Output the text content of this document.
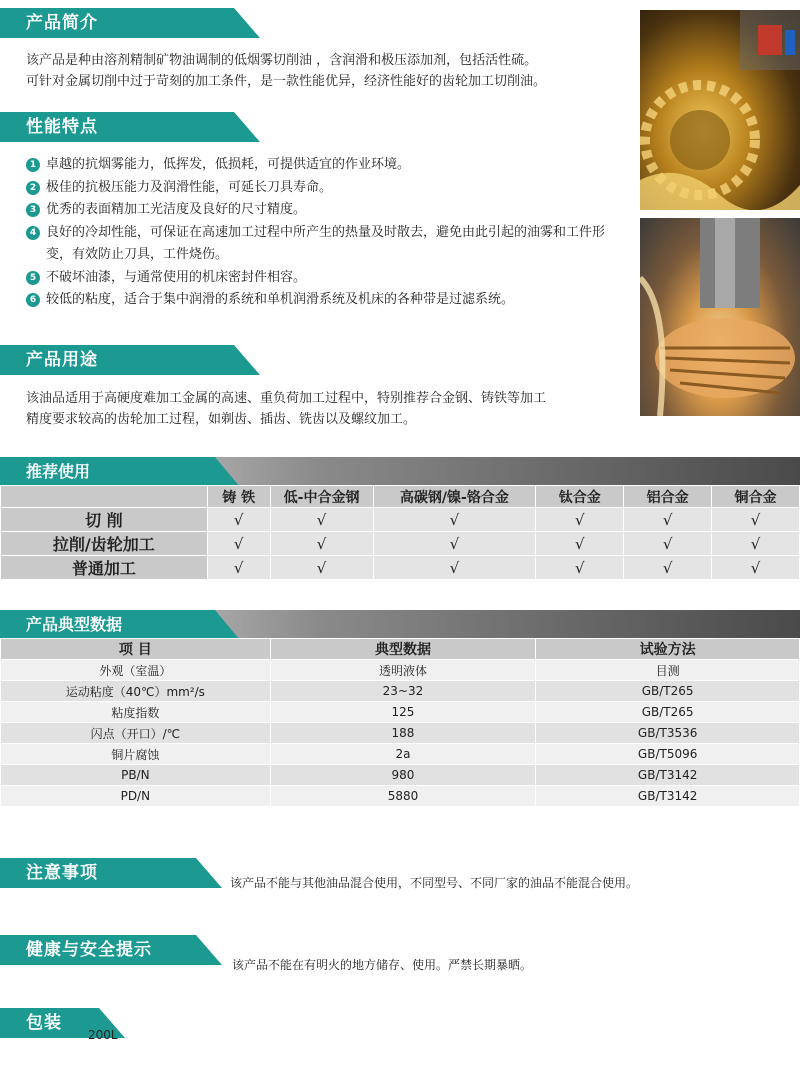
产品简介

该产品是种由溶剂精制矿物油调制的低烟雾切削油 ，含润滑和极压添加剂，包括活性硫。

可针对金属切削中过于苛刻的加工条件，是一款性能优异，经济性能好的齿轮加工切削油。

性能特点
1 卓越的抗烟雾能力，低挥发，低损耗，可提供适宜的作业环境。
2 极佳的抗极压能力及润滑性能，可延长刀具寿命。
3 优秀的表面精加工光洁度及良好的尺寸精度。
4 良好的冷却性能，可保证在高速加工过程中所产生的热量及时散去，避免由此引起的油雾和工件形变，有效防止刀具，工件烧伤。
5 不破坏油漆，与通常使用的机床密封件相容。
6 较低的粘度，适合于集中润滑的系统和单机润滑系统及机床的各种带是过滤系统。
产品用途

该油品适用于高硬度难加工金属的高速、重负荷加工过程中，特别推荐合金钢、铸铁等加工

精度要求较高的齿轮加工过程，如剃齿、插齿、铣齿以及螺纹加工。

推荐使用
	铸 铁	低-中合金钢	高碳钢/镍-铬合金	钛合金	铝合金	铜合金
切 削	√	√	√	√	√	√
拉削/齿轮加工	√	√	√	√	√	√
普通加工	√	√	√	√	√	√
产品典型数据
项 目	典型数据	试验方法
外观（室温）	透明液体	目测
运动粘度（40℃）mm²/s	23~32	GB/T265
粘度指数	125	GB/T265
闪点（开口）/℃	188	GB/T3536
铜片腐蚀	2a	GB/T5096
PB/N	980	GB/T3142
PD/N	5880	GB/T3142
注意事项	该产品不能与其他油品混合使用，不同型号、不同厂家的油品不能混合使用。
健康与安全提示
该产品不能在有明火的地方储存、使用。严禁长期暴晒。
包装
200L
